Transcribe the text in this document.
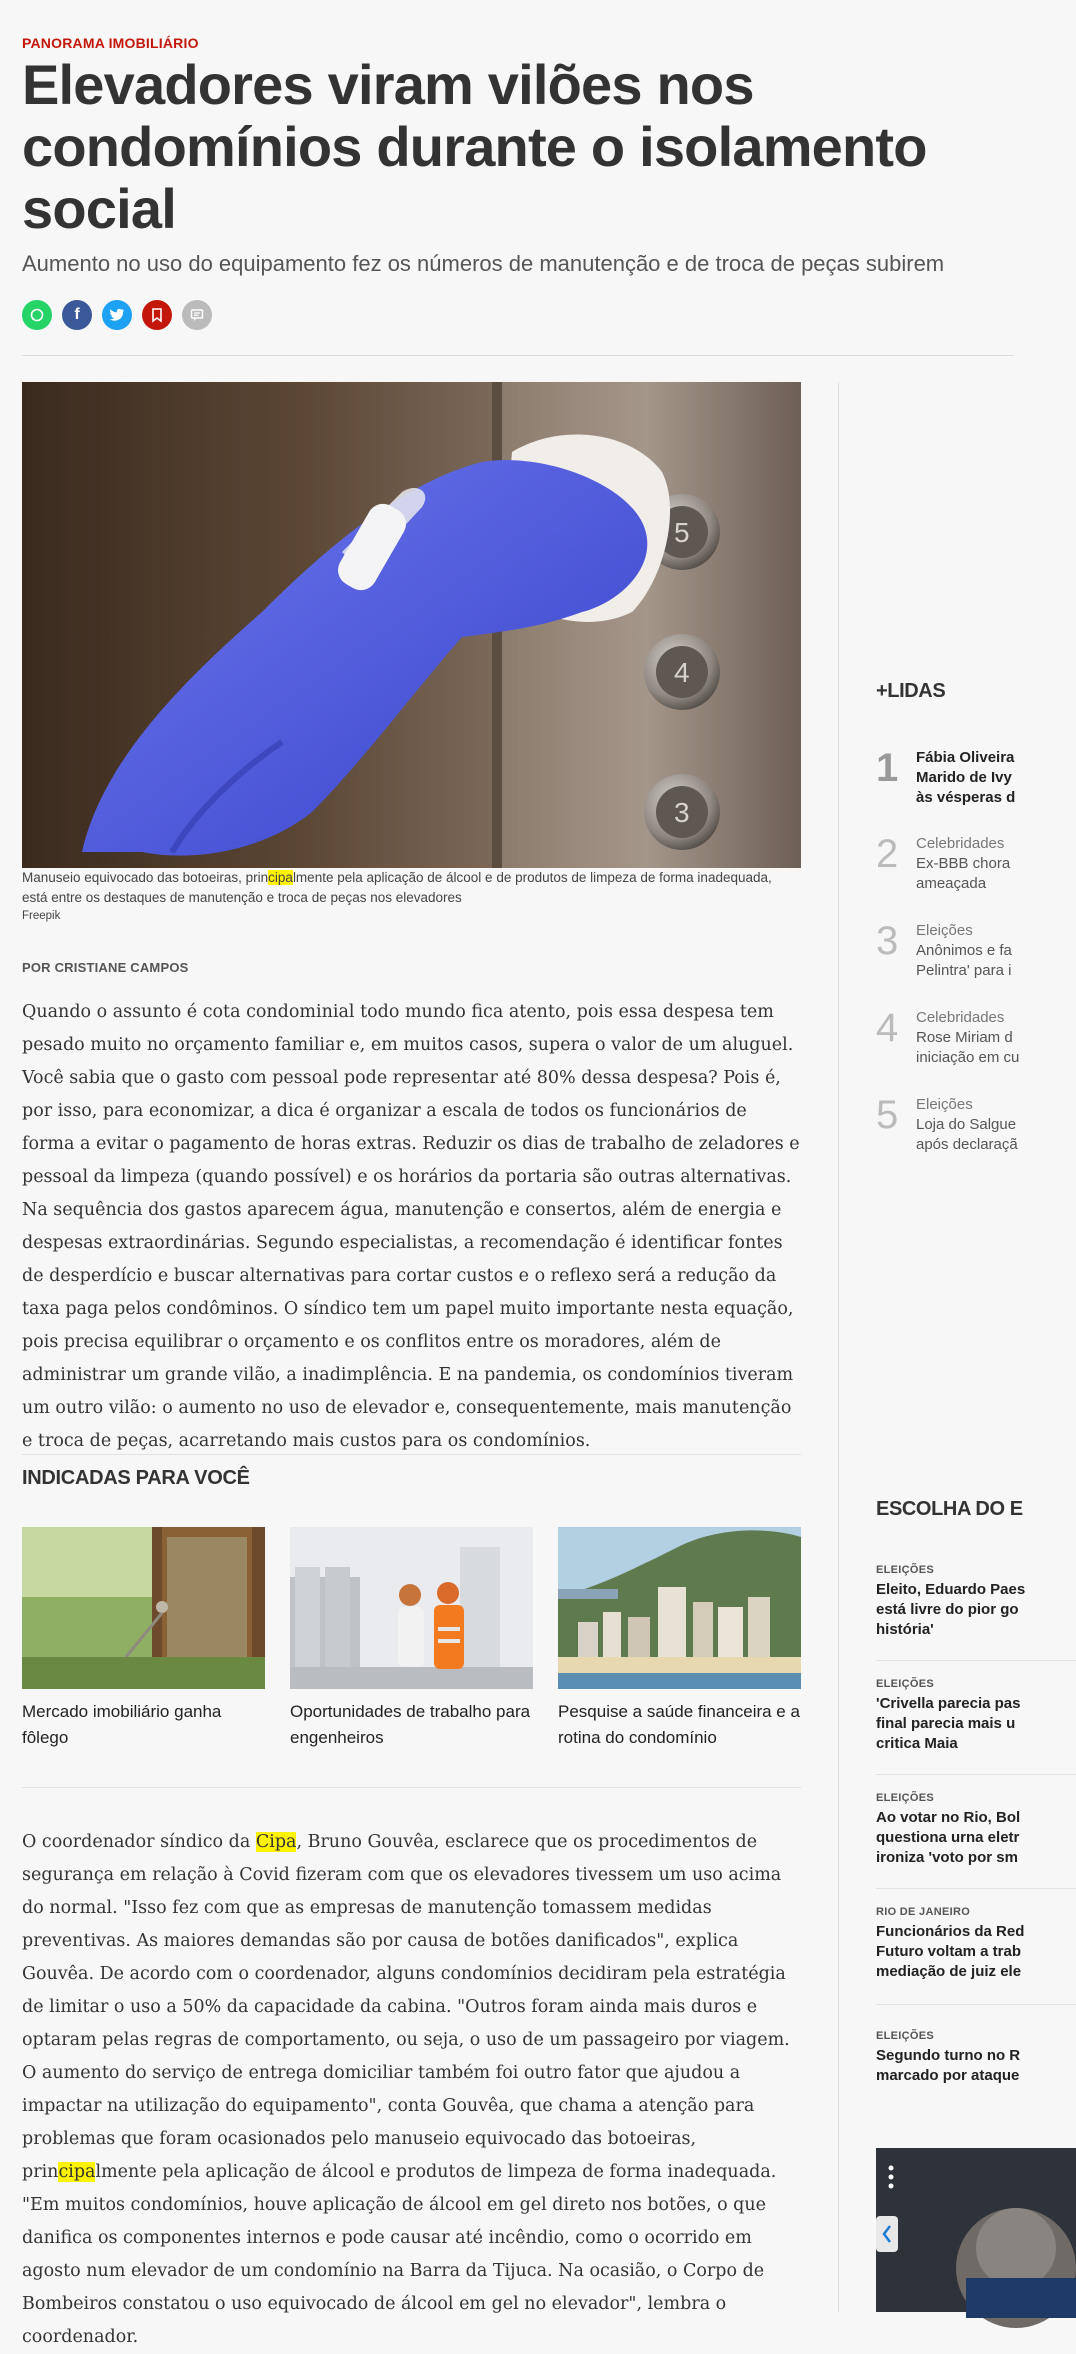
PANORAMA IMOBILIÁRIO
Elevadores viram vilões nos condomínios durante o isolamento social
Aumento no uso do equipamento fez os números de manutenção e de troca de peças subirem
f
5
4
3
Manuseio equivocado das botoeiras, principalmente pela aplicação de álcool e de produtos de limpeza de forma inadequada, está entre os destaques de manutenção e troca de peças nos elevadores
Freepik
POR CRISTIANE CAMPOS

Quando o assunto é cota condominial todo mundo fica atento, pois essa despesa tem pesado muito no orçamento familiar e, em muitos casos, supera o valor de um aluguel. Você sabia que o gasto com pessoal pode representar até 80% dessa despesa? Pois é, por isso, para economizar, a dica é organizar a escala de todos os funcionários de forma a evitar o pagamento de horas extras. Reduzir os dias de trabalho de zeladores e pessoal da limpeza (quando possível) e os horários da portaria são outras alternativas. Na sequência dos gastos aparecem água, manutenção e consertos, além de energia e despesas extraordinárias. Segundo especialistas, a recomendação é identificar fontes de desperdício e buscar alternativas para cortar custos e o reflexo será a redução da taxa paga pelos condôminos. O síndico tem um papel muito importante nesta equação, pois precisa equilibrar o orçamento e os conflitos entre os moradores, além de administrar um grande vilão, a inadimplência. E na pandemia, os condomínios tiveram um outro vilão: o aumento no uso de elevador e, consequentemente, mais manutenção e troca de peças, acarretando mais custos para os condomínios.

INDICADAS PARA VOCÊ
Mercado imobiliário ganha fôlego
Oportunidades de trabalho para engenheiros
Pesquise a saúde financeira e a rotina do condomínio

O coordenador síndico da Cipa, Bruno Gouvêa, esclarece que os procedimentos de segurança em relação à Covid fizeram com que os elevadores tivessem um uso acima do normal. "Isso fez com que as empresas de manutenção tomassem medidas preventivas. As maiores demandas são por causa de botões danificados", explica Gouvêa. De acordo com o coordenador, alguns condomínios decidiram pela estratégia de limitar o uso a 50% da capacidade da cabina. "Outros foram ainda mais duros e optaram pelas regras de comportamento, ou seja, o uso de um passageiro por viagem. O aumento do serviço de entrega domiciliar também foi outro fator que ajudou a impactar na utilização do equipamento", conta Gouvêa, que chama a atenção para problemas que foram ocasionados pelo manuseio equivocado das botoeiras, principalmente pela aplicação de álcool e produtos de limpeza de forma inadequada. "Em muitos condomínios, houve aplicação de álcool em gel direto nos botões, o que danifica os componentes internos e pode causar até incêndio, como o ocorrido em agosto num elevador de um condomínio na Barra da Tijuca. Na ocasião, o Corpo de Bombeiros constatou o uso equivocado de álcool em gel no elevador", lembra o coordenador.

+LIDAS
1 Fábia Oliveira
Marido de Ivy
às vésperas d
2 Celebridades
Ex-BBB chora
ameaçada
3 Eleições
Anônimos e fa
Pelintra' para i
4 Celebridades
Rose Miriam d
iniciação em cu
5 Eleições
Loja do Salgue
após declaraçã
ESCOLHA DO E
ELEIÇÕES
Eleito, Eduardo Paes
está livre do pior go
história'
ELEIÇÕES
'Crivella parecia pas
final parecia mais u
critica Maia
ELEIÇÕES
Ao votar no Rio, Bol
questiona urna eletr
ironiza 'voto por sm
RIO DE JANEIRO
Funcionários da Red
Futuro voltam a trab
mediação de juiz ele
ELEIÇÕES
Segundo turno no R
marcado por ataque
